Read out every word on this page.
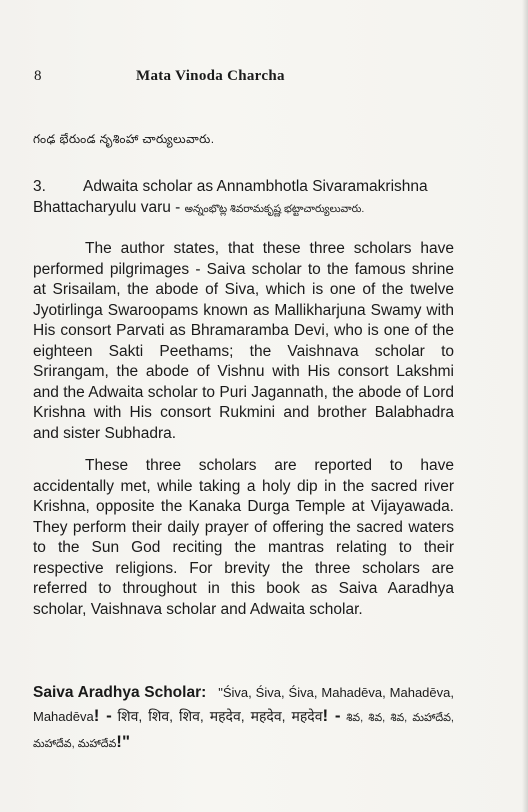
8	Mata Vinoda Charcha
గంఢ భేరుండ నృశింహా చార్యులువారు.
3. Adwaita scholar as Annambhotla Sivaramakrishna Bhattacharyulu varu - అన్నంభొట్ల శివరామకృష్ణ భట్టాచార్యులువారు.

The author states, that these three scholars have performed pilgrimages - Saiva scholar to the famous shrine at Srisailam, the abode of Siva, which is one of the twelve Jyotirlinga Swaroopams known as Mallikharjuna Swamy with His consort Parvati as Bhramaramba Devi, who is one of the eighteen Sakti Peethams; the Vaishnava scholar to Srirangam, the abode of Vishnu with His consort Lakshmi and the Adwaita scholar to Puri Jagannath, the abode of Lord Krishna with His consort Rukmini and brother Balabhadra and sister Subhadra.

These three scholars are reported to have accidentally met, while taking a holy dip in the sacred river Krishna, opposite the Kanaka Durga Temple at Vijayawada. They perform their daily prayer of offering the sacred waters to the Sun God reciting the mantras relating to their respective religions. For brevity the three scholars are referred to throughout in this book as Saiva Aaradhya scholar, Vaishnava scholar and Adwaita scholar.

Saiva Aradhya Scholar: "Śiva, Śiva, Śiva, Mahadēva, Mahadēva, Mahadēva! - शिव, शिव, शिव, महदेव, महदेव, महदेव! - శివ, శివ, శివ, మహాదేవ, మహాదేవ, మహాదేవ!"
